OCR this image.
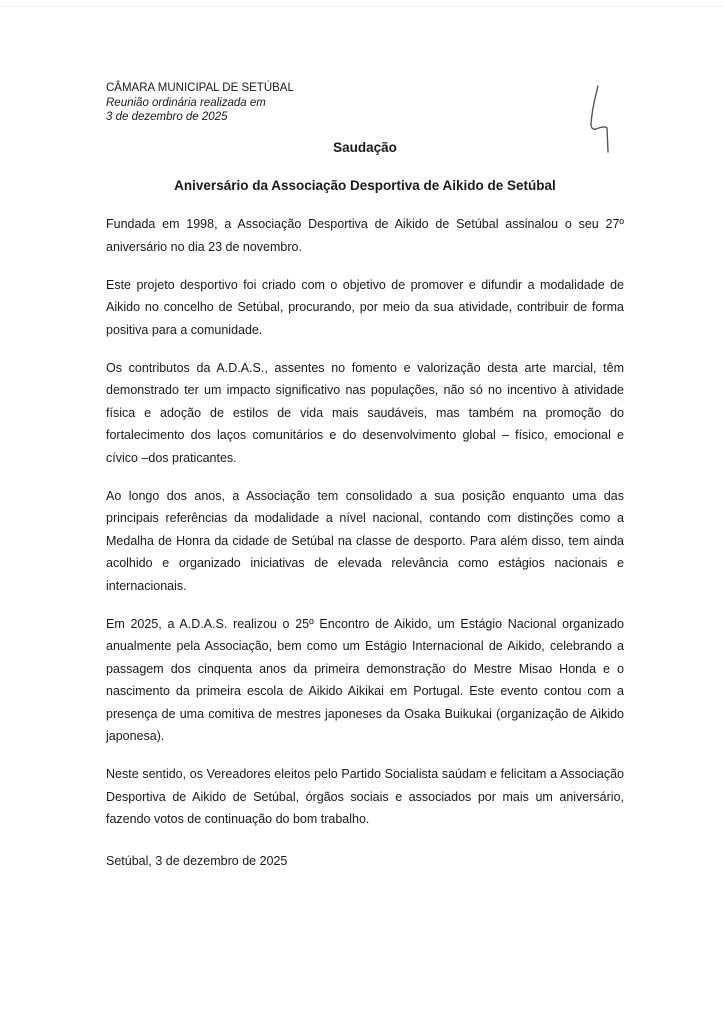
CÂMARA MUNICIPAL DE SETÚBAL
Reunião ordinária realizada em
3 de dezembro de 2025
Saudação
Aniversário da Associação Desportiva de Aikido de Setúbal

Fundada em 1998, a Associação Desportiva de Aikido de Setúbal assinalou o seu 27º aniversário no dia 23 de novembro.

Este projeto desportivo foi criado com o objetivo de promover e difundir a modalidade de Aikido no concelho de Setúbal, procurando, por meio da sua atividade, contribuir de forma positiva para a comunidade.

Os contributos da A.D.A.S., assentes no fomento e valorização desta arte marcial, têm demonstrado ter um impacto significativo nas populações, não só no incentivo à atividade física e adoção de estilos de vida mais saudáveis, mas também na promoção do fortalecimento dos laços comunitários e do desenvolvimento global – físico, emocional e cívico –dos praticantes.

Ao longo dos anos, a Associação tem consolidado a sua posição enquanto uma das principais referências da modalidade a nível nacional, contando com distinções como a Medalha de Honra da cidade de Setúbal na classe de desporto. Para além disso, tem ainda acolhido e organizado iniciativas de elevada relevância como estágios nacionais e internacionais.

Em 2025, a A.D.A.S. realizou o 25º Encontro de Aikido, um Estágio Nacional organizado anualmente pela Associação, bem como um Estágio Internacional de Aikido, celebrando a passagem dos cinquenta anos da primeira demonstração do Mestre Misao Honda e o nascimento da primeira escola de Aikido Aikikai em Portugal. Este evento contou com a presença de uma comitiva de mestres japoneses da Osaka Buikukai (organização de Aikido japonesa).

Neste sentido, os Vereadores eleitos pelo Partido Socialista saúdam e felicitam a Associação Desportiva de Aikido de Setúbal, órgãos sociais e associados por mais um aniversário, fazendo votos de continuação do bom trabalho.

Setúbal, 3 de dezembro de 2025
